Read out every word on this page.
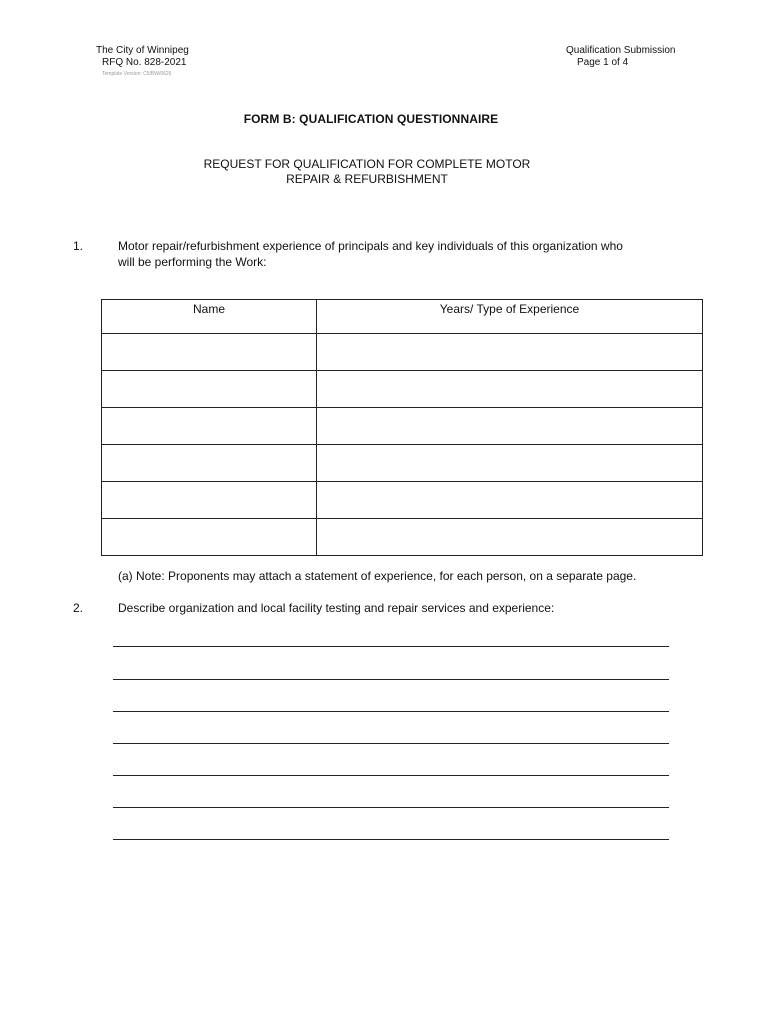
The City of Winnipeg
RFQ No. 828-2021
Template Version: C5/BW/0626
Qualification Submission
Page 1 of 4
FORM B: QUALIFICATION QUESTIONNAIRE
REQUEST FOR QUALIFICATION FOR COMPLETE MOTOR
REPAIR & REFURBISHMENT
1.	Motor repair/refurbishment experience of principals and key individuals of this organization who
will be performing the Work:
Name	Years/ Type of Experience

(a) Note: Proponents may attach a statement of experience, for each person, on a separate page.
2.	Describe organization and local facility testing and repair services and experience:
